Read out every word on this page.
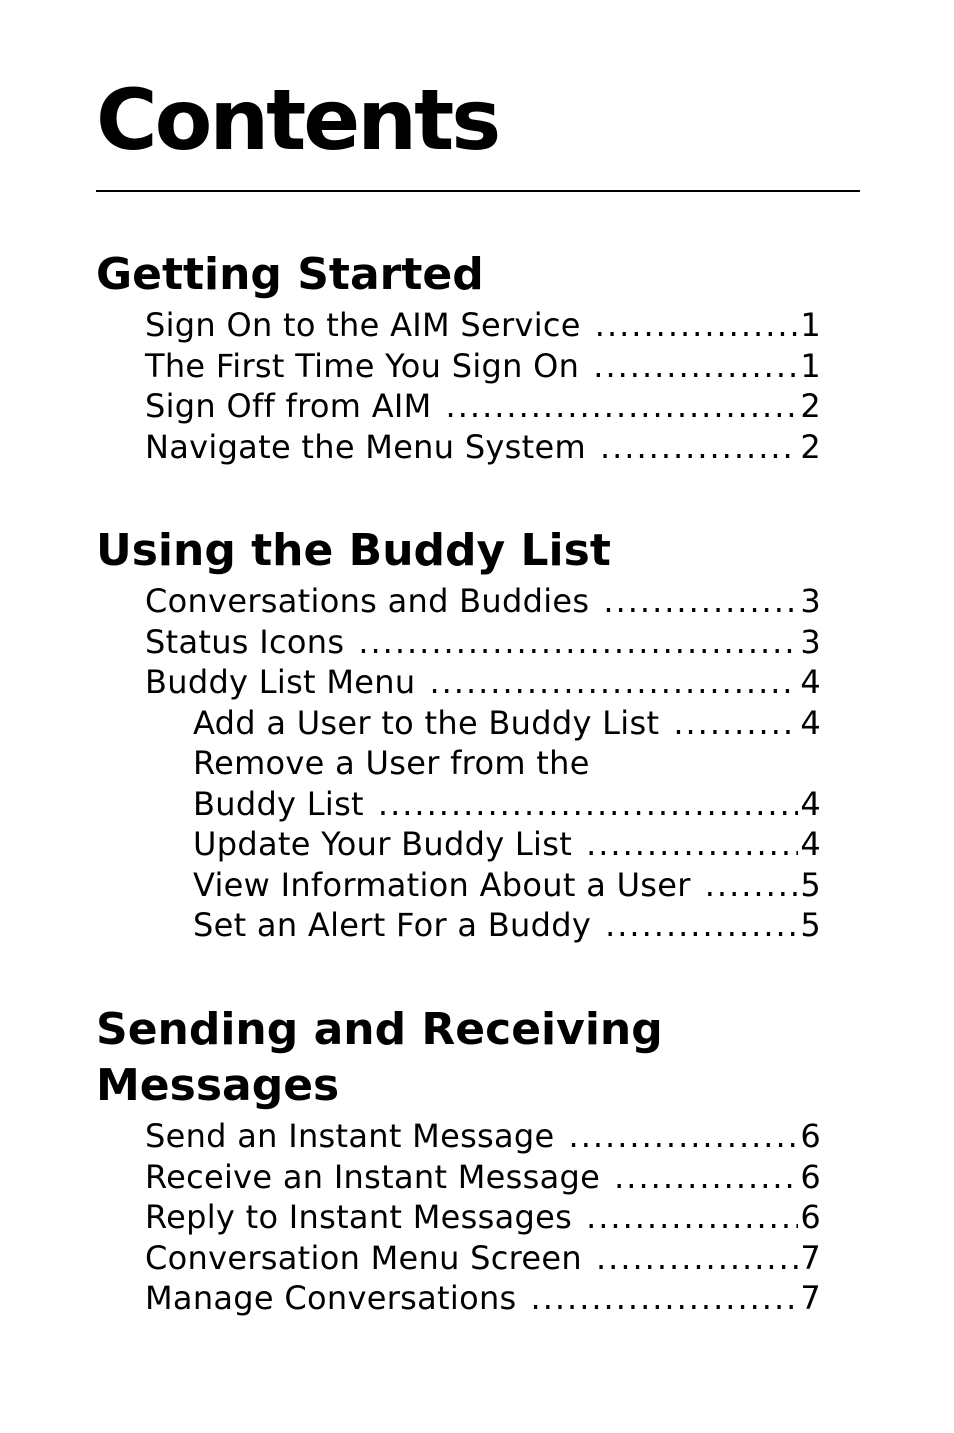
Contents
Getting Started
Sign On to the AIM Service .....	1
The First Time You Sign On .....	1
Sign Off from AIM .....	2
Navigate the Menu System .....	2
Using the Buddy List
Conversations and Buddies .....	3
Status Icons .....	3
Buddy List Menu .....	4
Add a User to the Buddy List .....	4
Remove a User from the
Buddy List .....	4
Update Your Buddy List .....	4
View Information About a User .....	5
Set an Alert For a Buddy .....	5
Sending and Receiving
Messages
Send an Instant Message .....	6
Receive an Instant Message .....	6
Reply to Instant Messages .....	6
Conversation Menu Screen .....	7
Manage Conversations .....	7
